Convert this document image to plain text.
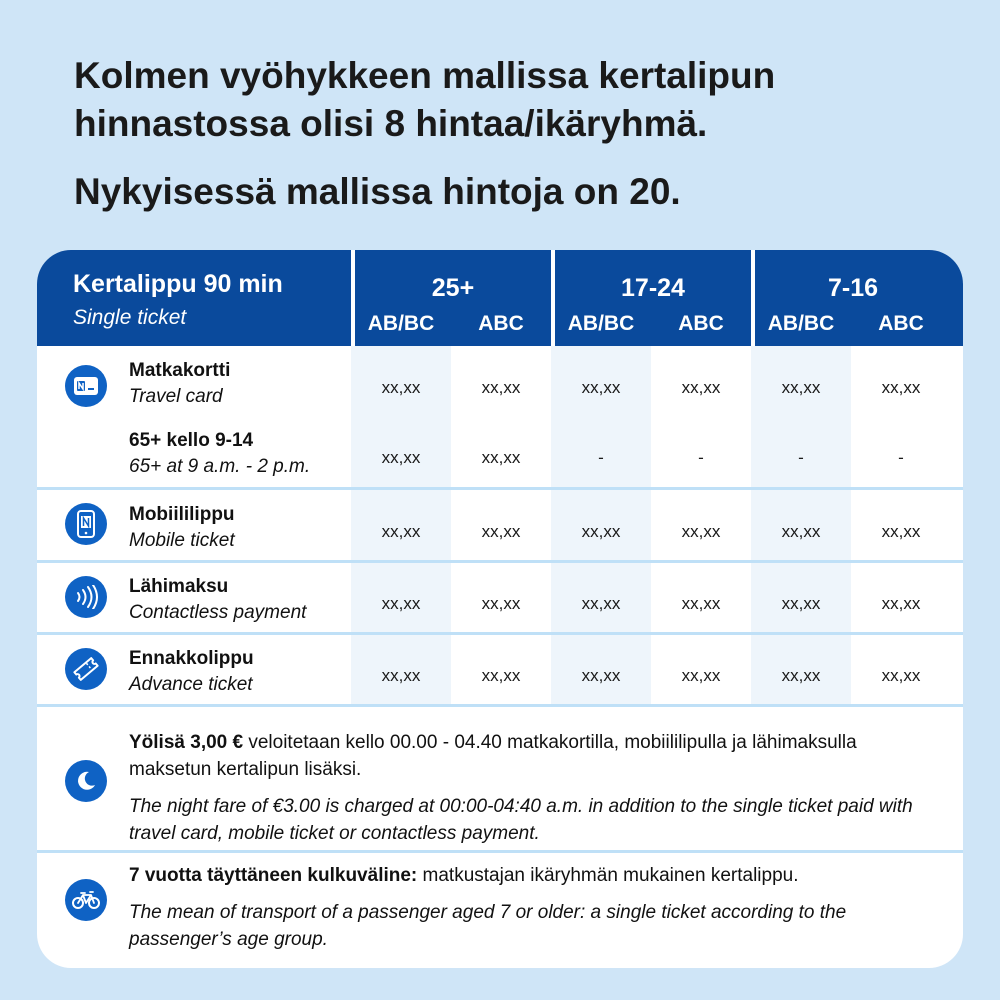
Kolmen vyöhykkeen mallissa kertalipun
hinnastossa olisi 8 hintaa/ikäryhmä.
Nykyisessä mallissa hintoja on 20.
Kertalippu 90 min
Single ticket
25+	17-24	7-16
AB/BC	ABC	AB/BC	ABC	AB/BC	ABC
Matkakortti
Travel card	xx,xx	xx,xx	xx,xx	xx,xx	xx,xx	xx,xx
65+ kello 9-14
65+ at 9 a.m. - 2 p.m.	xx,xx	xx,xx	-	-	-	-
Mobiililippu
Mobile ticket	xx,xx	xx,xx	xx,xx	xx,xx	xx,xx	xx,xx
Lähimaksu
Contactless payment	xx,xx	xx,xx	xx,xx	xx,xx	xx,xx	xx,xx
Ennakkolippu
Advance ticket	xx,xx	xx,xx	xx,xx	xx,xx	xx,xx	xx,xx
Yölisä 3,00 € veloitetaan kello 00.00 - 04.40 matkakortilla, mobiililipulla ja lähimaksulla maksetun kertalipun lisäksi.
The night fare of €3.00 is charged at 00:00-04:40 a.m. in addition to the single ticket paid with travel card, mobile ticket or contactless payment.
7 vuotta täyttäneen kulkuväline: matkustajan ikäryhmän mukainen kertalippu.
The mean of transport of a passenger aged 7 or older: a single ticket according to the passenger’s age group.
